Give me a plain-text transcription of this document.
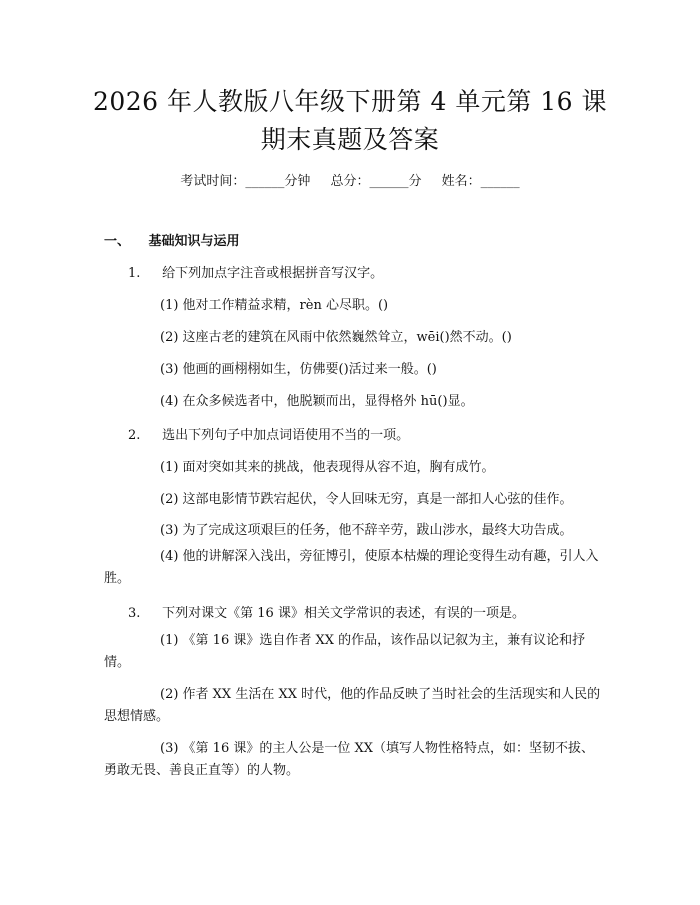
2026 年人教版八年级下册第 4 单元第 16 课
期末真题及答案
考试时间：______分钟 总分：______分 姓名：______
一、 基础知识与运用
1. 给下列加点字注音或根据拼音写汉字。
(1) 他对工作精益求精，rèn 心尽职。()
(2) 这座古老的建筑在风雨中依然巍然耸立，wēi()然不动。()
(3) 他画的画栩栩如生，仿佛要()活过来一般。()
(4) 在众多候选者中，他脱颖而出，显得格外 hū()显。
2. 选出下列句子中加点词语使用不当的一项。
(1) 面对突如其来的挑战，他表现得从容不迫，胸有成竹。
(2) 这部电影情节跌宕起伏，令人回味无穷，真是一部扣人心弦的佳作。
(3) 为了完成这项艰巨的任务，他不辞辛劳，跋山涉水，最终大功告成。
(4) 他的讲解深入浅出，旁征博引，使原本枯燥的理论变得生动有趣，引人入胜。
3. 下列对课文《第 16 课》相关文学常识的表述，有误的一项是。
(1) 《第 16 课》选自作者 XX 的作品，该作品以记叙为主，兼有议论和抒情。
(2) 作者 XX 生活在 XX 时代，他的作品反映了当时社会的生活现实和人民的思想情感。
(3) 《第 16 课》的主人公是一位 XX（填写人物性格特点，如：坚韧不拔、勇敢无畏、善良正直等）的人物。
